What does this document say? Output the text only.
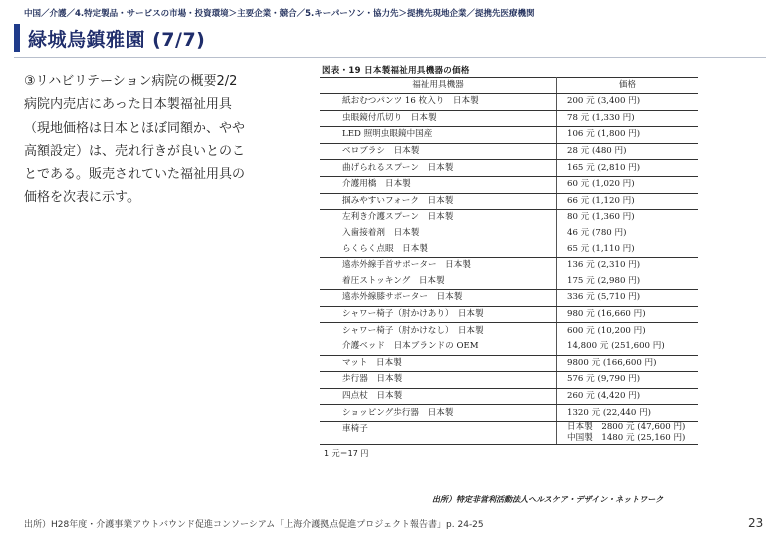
中国／介護／4.特定製品・サービスの市場・投資環境＞主要企業・競合／5.キーパーソン・協力先＞提携先現地企業／提携先医療機関
緑城烏鎮雅園 (7/7)

③リハビリテーション病院の概要2/2

病院内売店にあった日本製福祉用具

（現地価格は日本とほぼ同額か、やや

高額設定）は、売れ行きが良いとのこ

とである。販売されていた福祉用具の

価格を次表に示す。

図表・19 日本製福祉用具機器の価格
福祉用具機器	価格
紙おむつパンツ 16 枚入り　日本製	200 元 (3,400 円)
虫眼鏡付爪切り　日本製	78 元 (1,330 円)
LED 照明虫眼鏡中国産	106 元 (1,800 円)
ベロブラシ　日本製	28 元 (480 円)
曲げられるスプーン　日本製	165 元 (2,810 円)
介護用橋　日本製	60 元 (1,020 円)
掴みやすいフォーク　日本製	66 元 (1,120 円)
左利き介護スプーン　日本製	80 元 (1,360 円)
入歯接着剤　日本製	46 元 (780 円)
らくらく点眼　日本製	65 元 (1,110 円)
遠赤外線手首サポーター　日本製	136 元 (2,310 円)
着圧ストッキング　日本製	175 元 (2,980 円)
遠赤外線膝サポーター　日本製	336 元 (5,710 円)
シャワー椅子（肘かけあり）　日本製	980 元 (16,660 円)
シャワー椅子（肘かけなし）　日本製	600 元 (10,200 円)
介護ベッド　日本ブランドの OEM	14,800 元 (251,600 円)
マット　日本製	9800 元 (166,600 円)
歩行器　日本製	576 元 (9,790 円)
四点杖　日本製	260 元 (4,420 円)
ショッピング歩行器　日本製	1320 元 (22,440 円)
車椅子	日本製　2800 元 (47,600 円)
中国製　1480 元 (25,160 円)
1 元＝17 円
出所）特定非営利活動法人ヘルスケア・デザイン・ネットワーク
出所）H28年度・介護事業アウトバウンド促進コンソーシアム「上海介護拠点促進プロジェクト報告書」p. 24-25	23
